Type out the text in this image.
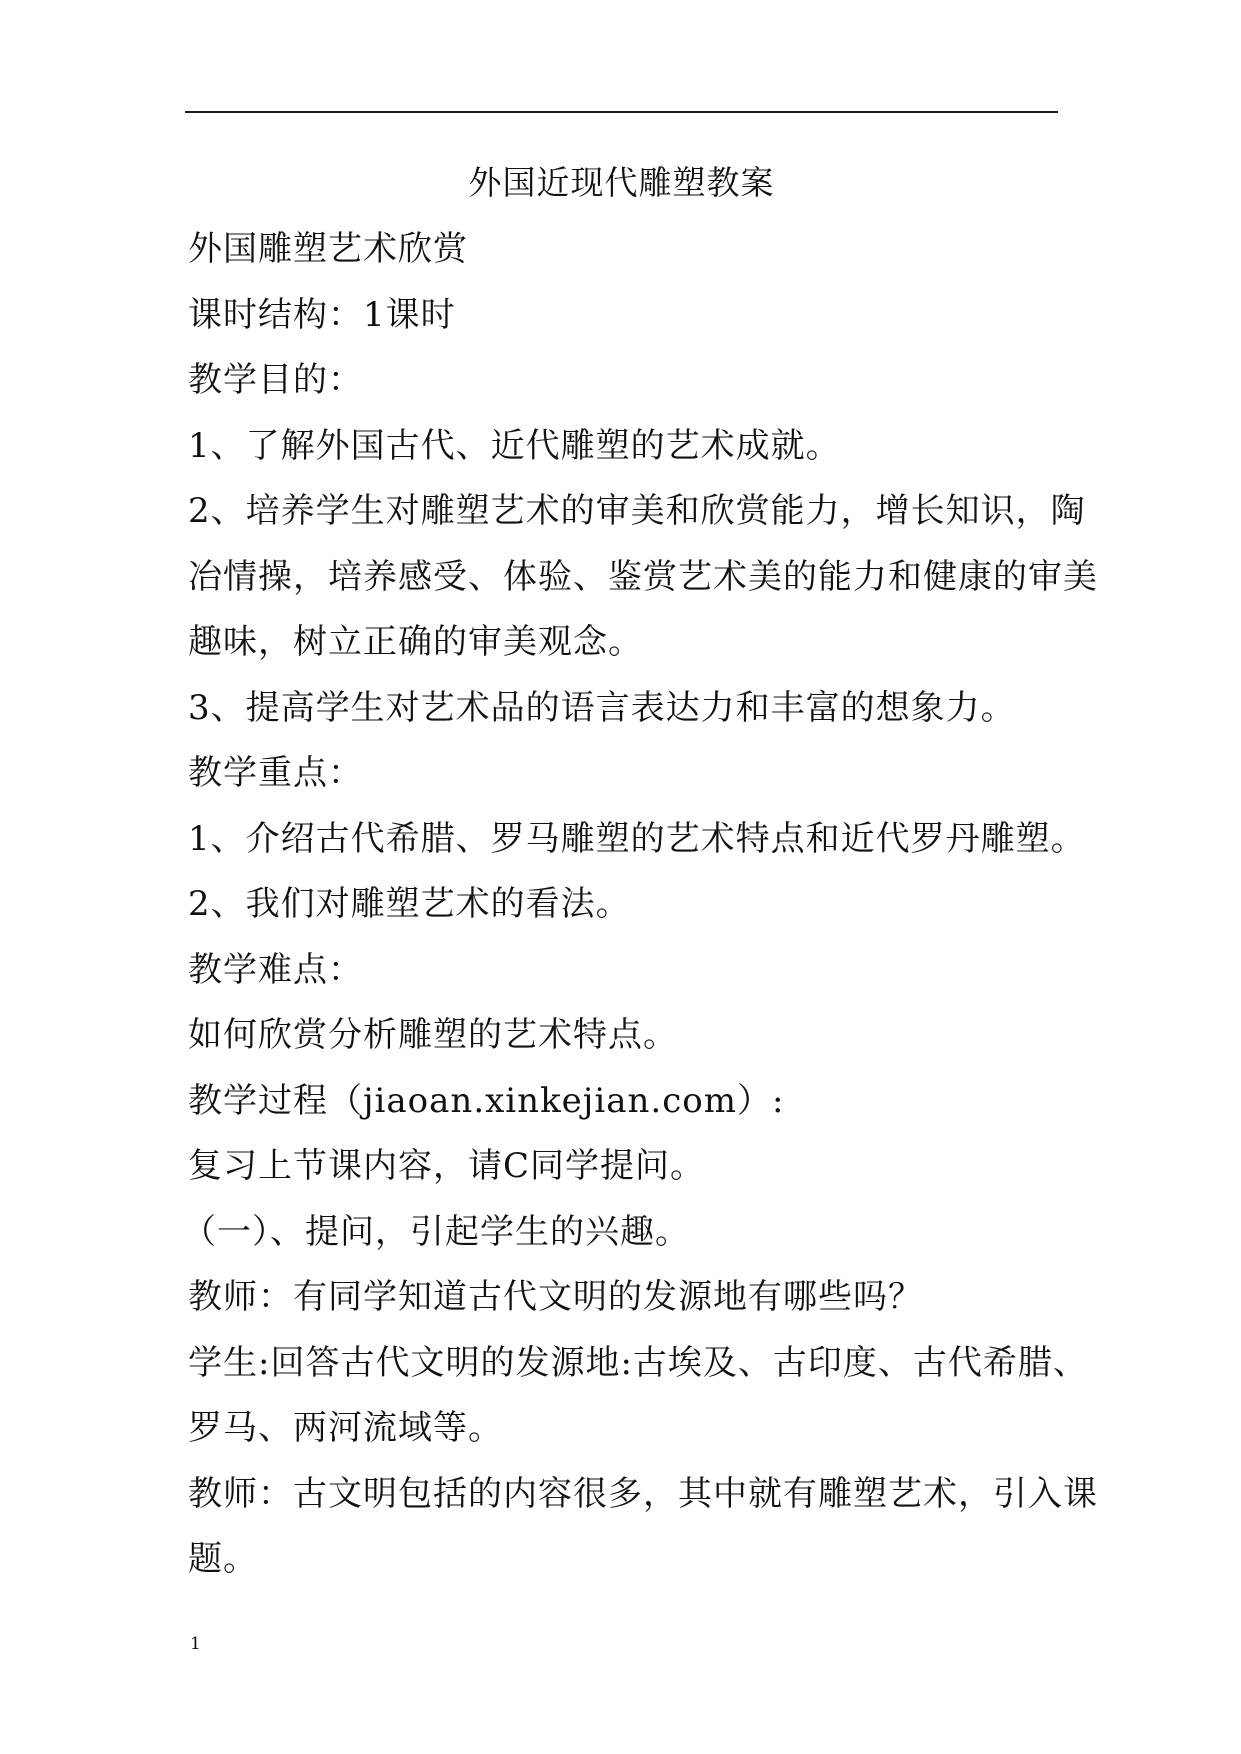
外国近现代雕塑教案
外国雕塑艺术欣赏
课时结构：1课时
教学目的：
1、了解外国古代、近代雕塑的艺术成就。
2、培养学生对雕塑艺术的审美和欣赏能力，增长知识，陶
冶情操，培养感受、体验、鉴赏艺术美的能力和健康的审美
趣味，树立正确的审美观念。
3、提高学生对艺术品的语言表达力和丰富的想象力。
教学重点：
1、介绍古代希腊、罗马雕塑的艺术特点和近代罗丹雕塑。
2、我们对雕塑艺术的看法。
教学难点：
如何欣赏分析雕塑的艺术特点。
教学过程（jiaoan.xinkejian.com）:
复习上节课内容，请C同学提问。
（一）、提问，引起学生的兴趣。
教师：有同学知道古代文明的发源地有哪些吗？
学生:回答古代文明的发源地:古埃及、古印度、古代希腊、
罗马、两河流域等。
教师：古文明包括的内容很多，其中就有雕塑艺术，引入课
题。
1
